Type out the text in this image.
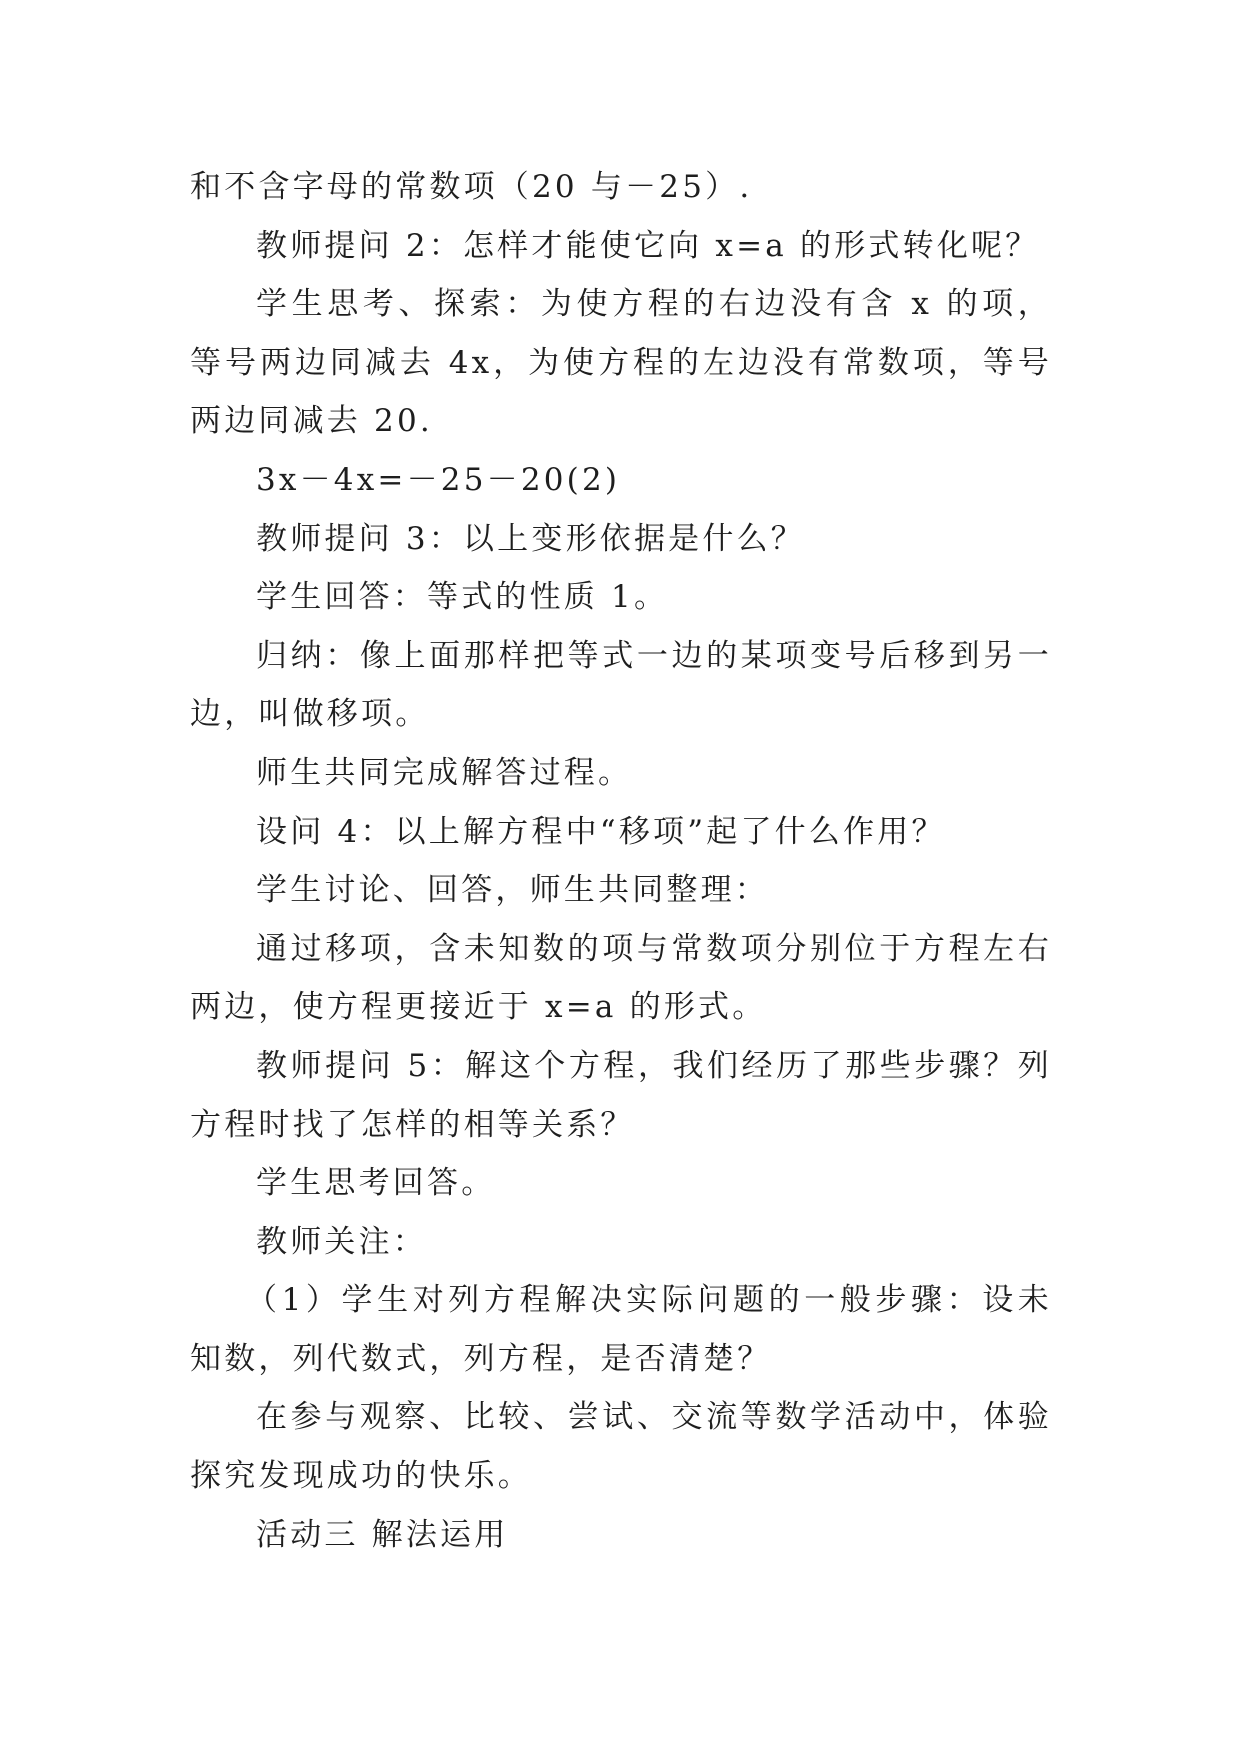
和不含字母的常数项（20 与－25）.

教师提问 2：怎样才能使它向 x=a 的形式转化呢？

学生思考、探索：为使方程的右边没有含 x 的项，等号两边同减去 4x，为使方程的左边没有常数项，等号两边同减去 20.

3x－4x=－25－20(2)

教师提问 3：以上变形依据是什么？

学生回答：等式的性质 1。

归纳：像上面那样把等式一边的某项变号后移到另一边，叫做移项。

师生共同完成解答过程。

设问 4：以上解方程中“移项”起了什么作用？

学生讨论、回答，师生共同整理：

通过移项，含未知数的项与常数项分别位于方程左右两边，使方程更接近于 x=a 的形式。

教师提问 5：解这个方程，我们经历了那些步骤？列方程时找了怎样的相等关系？

学生思考回答。

教师关注：

（1）学生对列方程解决实际问题的一般步骤：设未知数，列代数式，列方程，是否清楚？

在参与观察、比较、尝试、交流等数学活动中，体验探究发现成功的快乐。

活动三 解法运用
